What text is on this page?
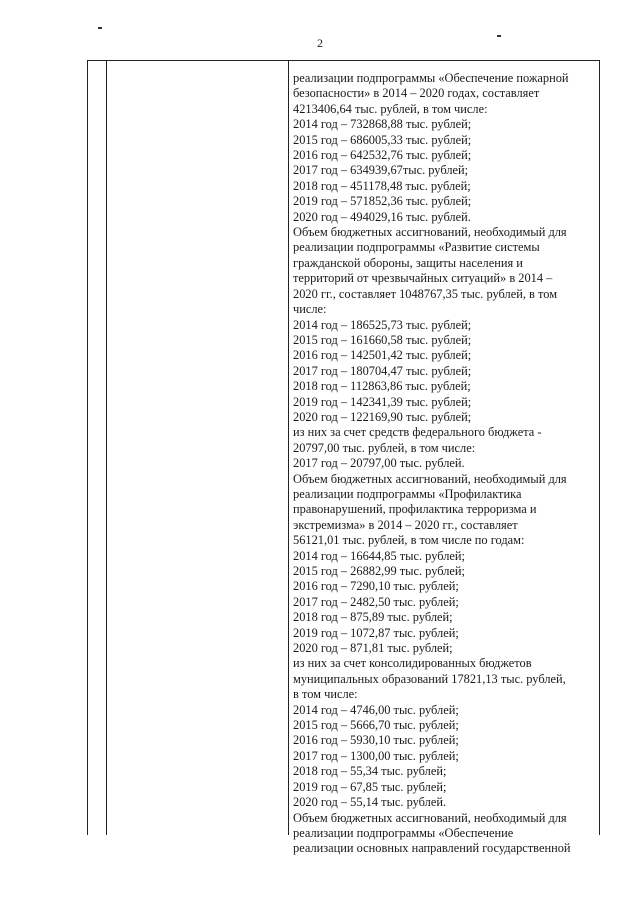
2
реализации подпрограммы «Обеспечение пожарной
безопасности» в 2014 – 2020 годах, составляет
4213406,64 тыс. рублей, в том числе:
2014 год – 732868,88 тыс. рублей;
2015 год – 686005,33 тыс. рублей;
2016 год – 642532,76 тыс. рублей;
2017 год – 634939,67тыс. рублей;
2018 год – 451178,48 тыс. рублей;
2019 год – 571852,36 тыс. рублей;
2020 год – 494029,16 тыс. рублей.
Объем бюджетных ассигнований, необходимый для
реализации подпрограммы «Развитие системы
гражданской обороны, защиты населения и
территорий от чрезвычайных ситуаций» в 2014 –
2020 гг., составляет 1048767,35 тыс. рублей, в том
числе:
2014 год – 186525,73 тыс. рублей;
2015 год – 161660,58 тыс. рублей;
2016 год – 142501,42 тыс. рублей;
2017 год – 180704,47 тыс. рублей;
2018 год – 112863,86 тыс. рублей;
2019 год – 142341,39 тыс. рублей;
2020 год – 122169,90 тыс. рублей;
из них за счет средств федерального бюджета -
20797,00 тыс. рублей, в том числе:
2017 год – 20797,00 тыс. рублей.
Объем бюджетных ассигнований, необходимый для
реализации подпрограммы «Профилактика
правонарушений, профилактика терроризма и
экстремизма» в 2014 – 2020 гг., составляет
56121,01 тыс. рублей, в том числе по годам:
2014 год – 16644,85 тыс. рублей;
2015 год – 26882,99 тыс. рублей;
2016 год – 7290,10 тыс. рублей;
2017 год – 2482,50 тыс. рублей;
2018 год – 875,89 тыс. рублей;
2019 год – 1072,87 тыс. рублей;
2020 год – 871,81 тыс. рублей;
из них за счет консолидированных бюджетов
муниципальных образований 17821,13 тыс. рублей,
в том числе:
2014 год – 4746,00 тыс. рублей;
2015 год – 5666,70 тыс. рублей;
2016 год – 5930,10 тыс. рублей;
2017 год – 1300,00 тыс. рублей;
2018 год – 55,34 тыс. рублей;
2019 год – 67,85 тыс. рублей;
2020 год – 55,14 тыс. рублей.
Объем бюджетных ассигнований, необходимый для
реализации подпрограммы «Обеспечение
реализации основных направлений государственной
